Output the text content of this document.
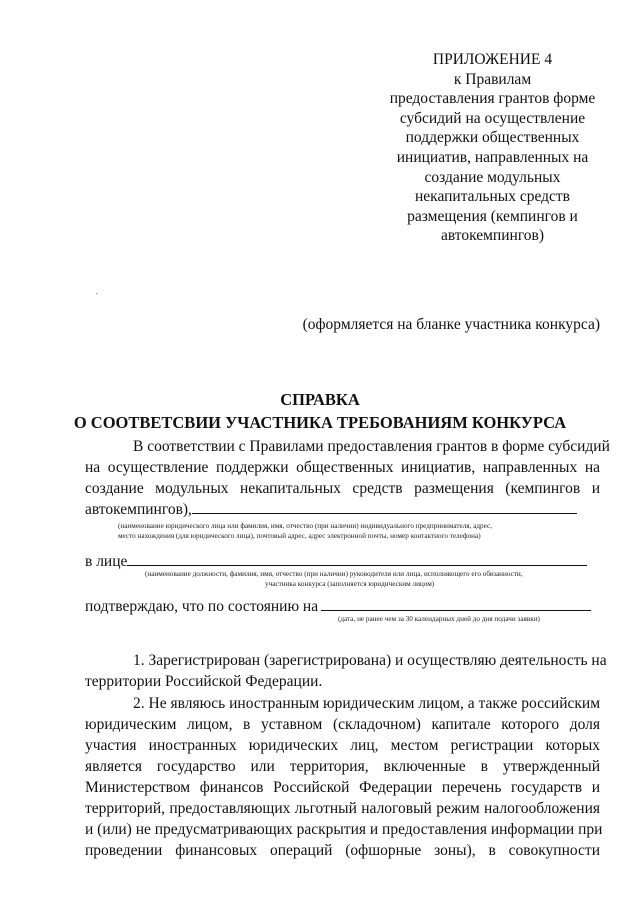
ПРИЛОЖЕНИЕ 4
к Правилам
предоставления грантов форме
субсидий на осуществление
поддержки общественных
инициатив, направленных на
создание модульных
некапитальных средств
размещения (кемпингов и
автокемпингов)
(оформляется на бланке участника конкурса)
СПРАВКА
О СООТВЕТСВИИ УЧАСТНИКА ТРЕБОВАНИЯМ КОНКУРСА
В соответствии с Правилами предоставления грантов в форме субсидий
на осуществление поддержки общественных инициатив, направленных на
создание модульных некапитальных средств размещения (кемпингов и
автокемпингов),
(наименование юридического лица или фамилия, имя, отчество (при наличии) индивидуального предпринимателя, адрес,
место нахождения (для юридического лица), почтовый адрес, адрес электронной почты, номер контактного телефона)
в лице
(наименование должности, фамилия, имя, отчество (при наличии) руководителя или лица, исполняющего его обязанности,
участника конкурса (заполняется юридическим лицом)
подтверждаю, что по состоянию на
(дата, не ранее чем за 30 календарных дней до дня подачи заявки)
1. Зарегистрирован (зарегистрирована) и осуществляю деятельность на
территории Российской Федерации.
2. Не являюсь иностранным юридическим лицом, а также российским
юридическим лицом, в уставном (складочном) капитале которого доля
участия иностранных юридических лиц, местом регистрации которых
является государство или территория, включенные в утвержденный
Министерством финансов Российской Федерации перечень государств и
территорий, предоставляющих льготный налоговый режим налогообложения
и (или) не предусматривающих раскрытия и предоставления информации при
проведении финансовых операций (офшорные зоны), в совокупности
